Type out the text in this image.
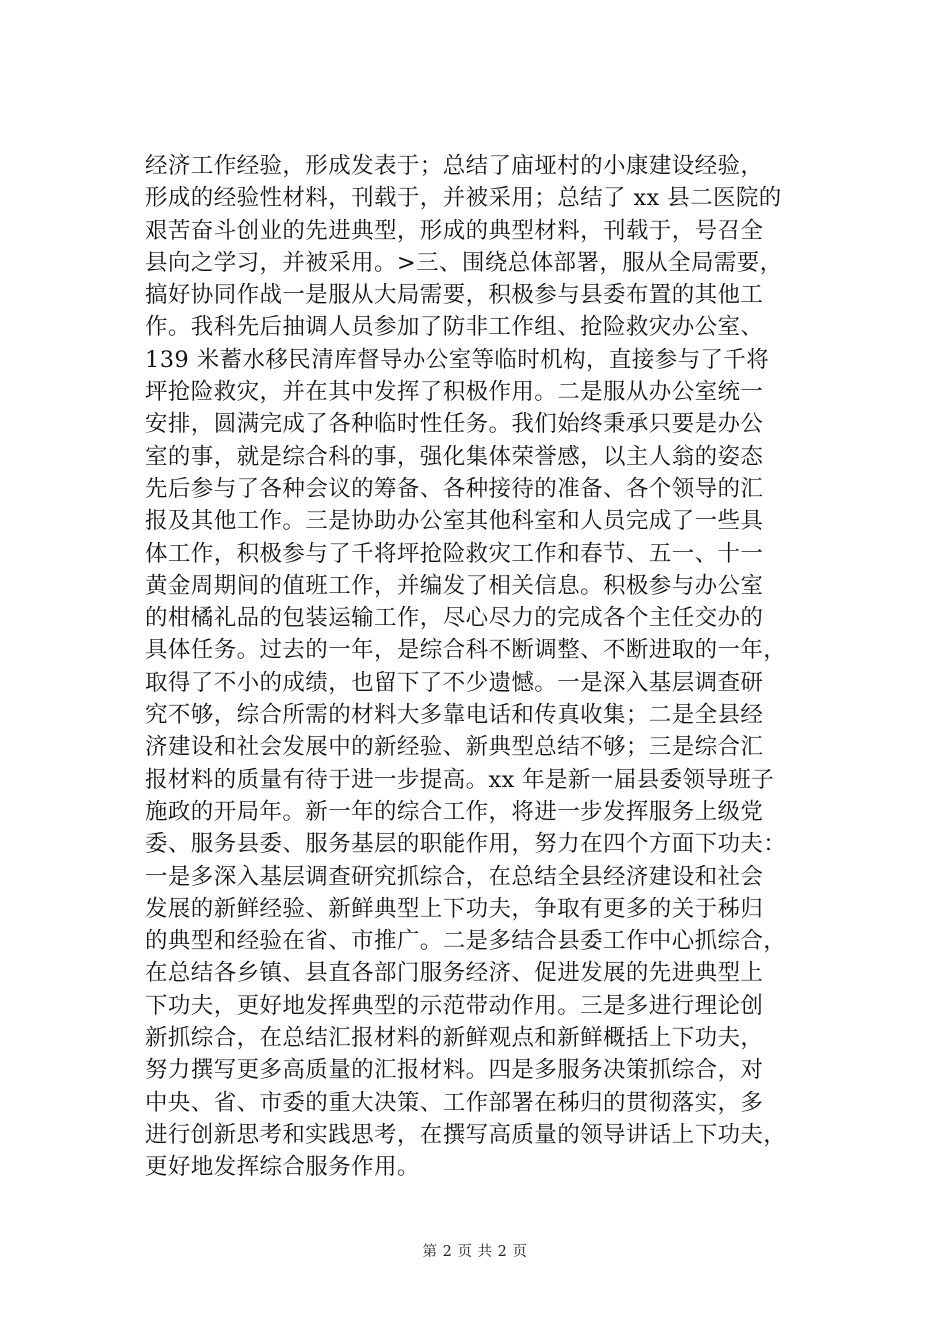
经济工作经验，形成发表于；总结了庙垭村的小康建设经验，
形成的经验性材料，刊载于，并被采用；总结了 xx 县二医院的
艰苦奋斗创业的先进典型，形成的典型材料，刊载于，号召全
县向之学习，并被采用。>三、围绕总体部署，服从全局需要，
搞好协同作战一是服从大局需要，积极参与县委布置的其他工
作。我科先后抽调人员参加了防非工作组、抢险救灾办公室、
139 米蓄水移民清库督导办公室等临时机构，直接参与了千将
坪抢险救灾，并在其中发挥了积极作用。二是服从办公室统一
安排，圆满完成了各种临时性任务。我们始终秉承只要是办公
室的事，就是综合科的事，强化集体荣誉感，以主人翁的姿态
先后参与了各种会议的筹备、各种接待的准备、各个领导的汇
报及其他工作。三是协助办公室其他科室和人员完成了一些具
体工作，积极参与了千将坪抢险救灾工作和春节、五一、十一
黄金周期间的值班工作，并编发了相关信息。积极参与办公室
的柑橘礼品的包装运输工作，尽心尽力的完成各个主任交办的
具体任务。过去的一年，是综合科不断调整、不断进取的一年，
取得了不小的成绩，也留下了不少遗憾。一是深入基层调查研
究不够，综合所需的材料大多靠电话和传真收集；二是全县经
济建设和社会发展中的新经验、新典型总结不够；三是综合汇
报材料的质量有待于进一步提高。xx 年是新一届县委领导班子
施政的开局年。新一年的综合工作，将进一步发挥服务上级党
委、服务县委、服务基层的职能作用，努力在四个方面下功夫：
一是多深入基层调查研究抓综合，在总结全县经济建设和社会
发展的新鲜经验、新鲜典型上下功夫，争取有更多的关于秭归
的典型和经验在省、市推广。二是多结合县委工作中心抓综合，
在总结各乡镇、县直各部门服务经济、促进发展的先进典型上
下功夫，更好地发挥典型的示范带动作用。三是多进行理论创
新抓综合，在总结汇报材料的新鲜观点和新鲜概括上下功夫，
努力撰写更多高质量的汇报材料。四是多服务决策抓综合，对
中央、省、市委的重大决策、工作部署在秭归的贯彻落实，多
进行创新思考和实践思考，在撰写高质量的领导讲话上下功夫，
更好地发挥综合服务作用。
第 2 页 共 2 页
